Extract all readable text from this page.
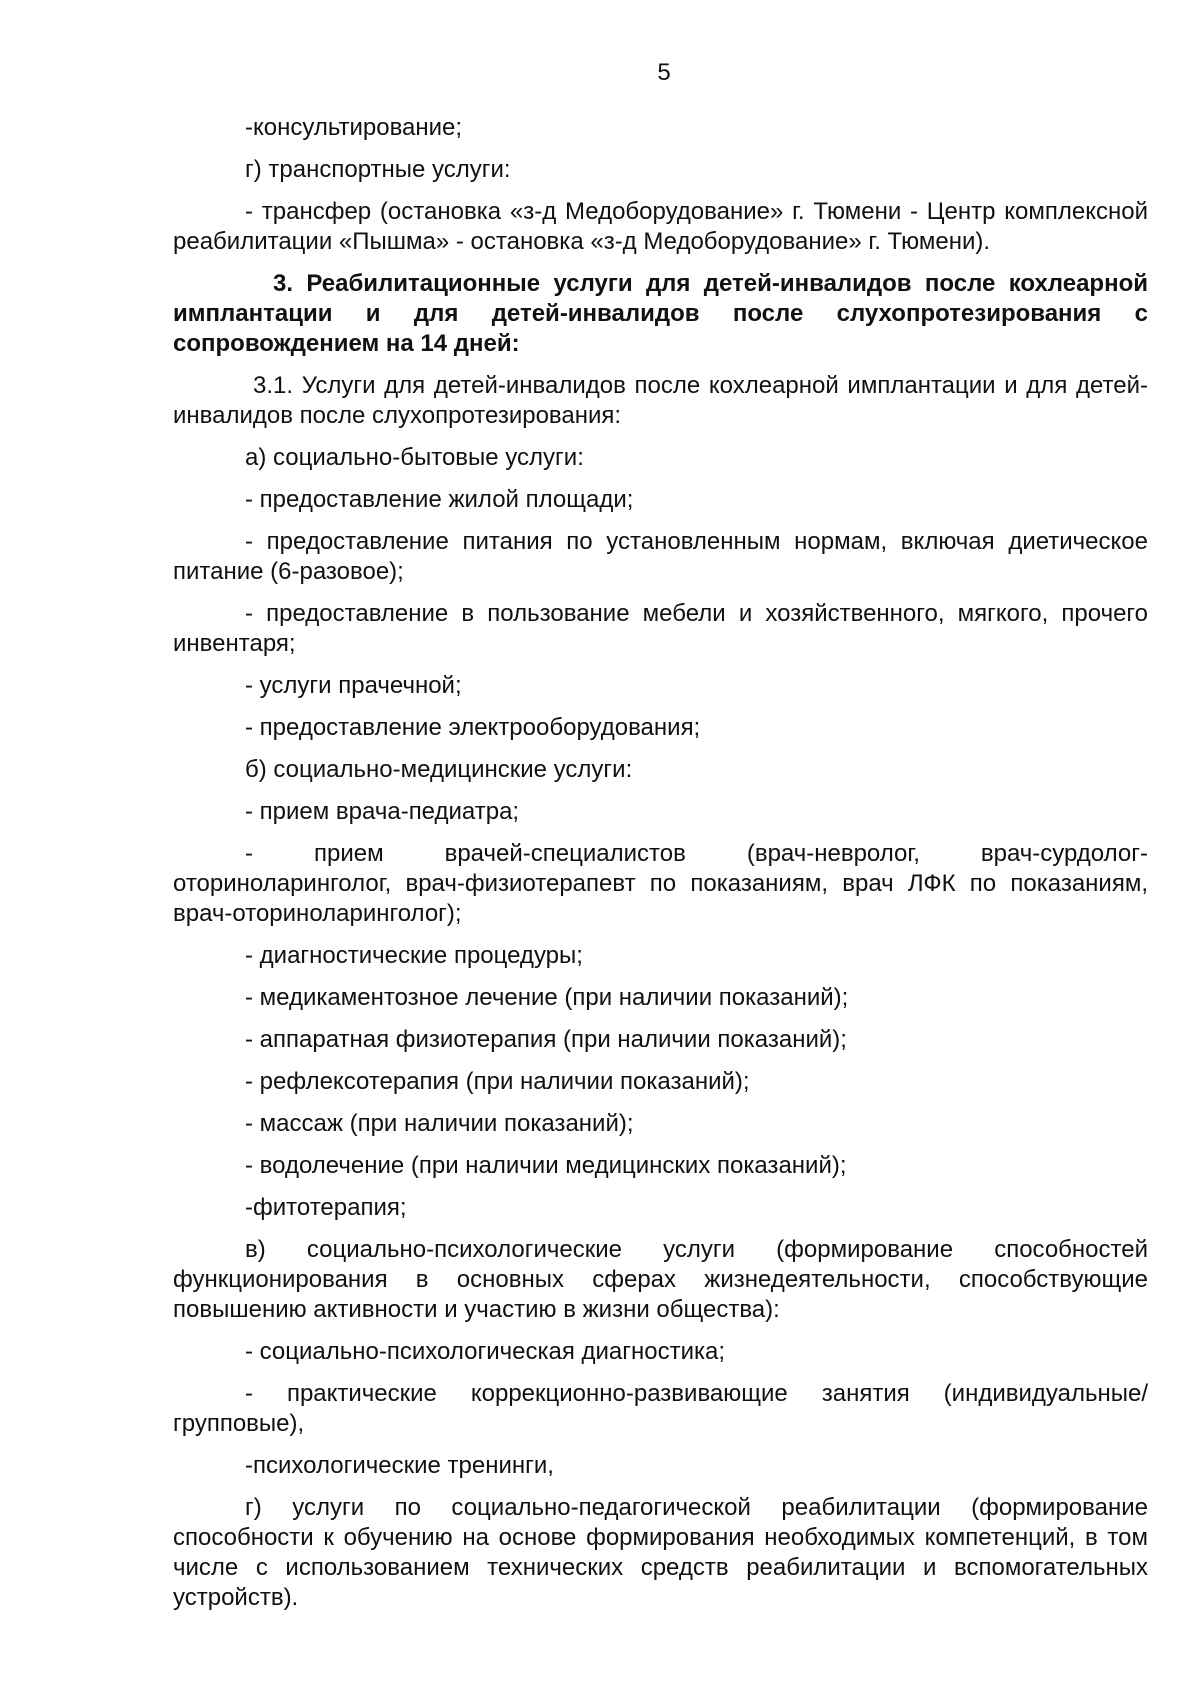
5

-консультирование;

г) транспортные услуги:

- трансфер (остановка «з-д Медоборудование» г. Тюмени - Центр комплексной реабилитации «Пышма» - остановка «з-д Медоборудование» г. Тюмени).

3. Реабилитационные услуги для детей-инвалидов после кохлеарной имплантации и для детей-инвалидов после слухопротезирования с сопровождением на 14 дней:

3.1. Услуги для детей-инвалидов после кохлеарной имплантации и для детей-инвалидов после слухопротезирования:

а) социально-бытовые услуги:

- предоставление жилой площади;

- предоставление питания по установленным нормам, включая диетическое питание (6-разовое);

- предоставление в пользование мебели и хозяйственного, мягкого, прочего инвентаря;

- услуги прачечной;

- предоставление электрооборудования;

б) социально-медицинские услуги:

- прием врача-педиатра;

- прием врачей-специалистов (врач-невролог, врач-сурдолог-оториноларинголог, врач-физиотерапевт по показаниям, врач ЛФК по показаниям, врач-оториноларинголог);

- диагностические процедуры;

- медикаментозное лечение (при наличии показаний);

- аппаратная физиотерапия (при наличии показаний);

- рефлексотерапия (при наличии показаний);

- массаж (при наличии показаний);

- водолечение (при наличии медицинских показаний);

-фитотерапия;

в) социально-психологические услуги (формирование способностей функционирования в основных сферах жизнедеятельности, способствующие повышению активности и участию в жизни общества):

- социально-психологическая диагностика;

- практические коррекционно-развивающие занятия (индивидуальные/групповые),

-психологические тренинги,

г) услуги по социально-педагогической реабилитации (формирование способности к обучению на основе формирования необходимых компетенций, в том числе с использованием технических средств реабилитации и вспомогательных устройств).
